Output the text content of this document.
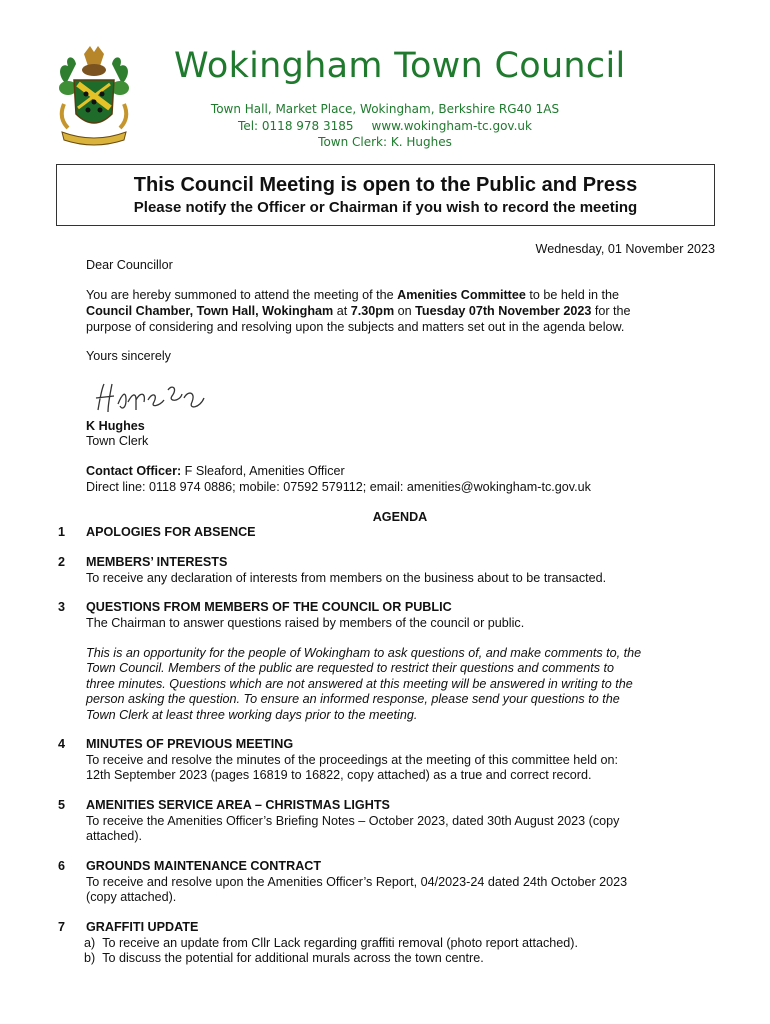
Wokingham Town Council
Town Hall, Market Place, Wokingham, Berkshire RG40 1AS
Tel: 0118 978 3185 www.wokingham-tc.gov.uk
Town Clerk: K. Hughes
This Council Meeting is open to the Public and Press
Please notify the Officer or Chairman if you wish to record the meeting
Wednesday, 01 November 2023
Dear Councillor
You are hereby summoned to attend the meeting of the Amenities Committee to be held in the
Council Chamber, Town Hall, Wokingham at 7.30pm on Tuesday 07th November 2023 for the
purpose of considering and resolving upon the subjects and matters set out in the agenda below.
Yours sincerely
K Hughes
Town Clerk
Contact Officer: F Sleaford, Amenities Officer
Direct line: 0118 974 0886; mobile: 07592 579112; email: amenities@wokingham-tc.gov.uk
AGENDA
1 APOLOGIES FOR ABSENCE
2 MEMBERS’ INTERESTS
To receive any declaration of interests from members on the business about to be transacted.
3 QUESTIONS FROM MEMBERS OF THE COUNCIL OR PUBLIC
The Chairman to answer questions raised by members of the council or public.
This is an opportunity for the people of Wokingham to ask questions of, and make comments to, the
Town Council. Members of the public are requested to restrict their questions and comments to
three minutes. Questions which are not answered at this meeting will be answered in writing to the
person asking the question. To ensure an informed response, please send your questions to the
Town Clerk at least three working days prior to the meeting.
4 MINUTES OF PREVIOUS MEETING
To receive and resolve the minutes of the proceedings at the meeting of this committee held on:
12th September 2023 (pages 16819 to 16822, copy attached) as a true and correct record.
5 AMENITIES SERVICE AREA – CHRISTMAS LIGHTS
To receive the Amenities Officer’s Briefing Notes – October 2023, dated 30th August 2023 (copy
attached).
6 GROUNDS MAINTENANCE CONTRACT
To receive and resolve upon the Amenities Officer’s Report, 04/2023-24 dated 24th October 2023
(copy attached).
7 GRAFFITI UPDATE
a) To receive an update from Cllr Lack regarding graffiti removal (photo report attached).
b) To discuss the potential for additional murals across the town centre.
